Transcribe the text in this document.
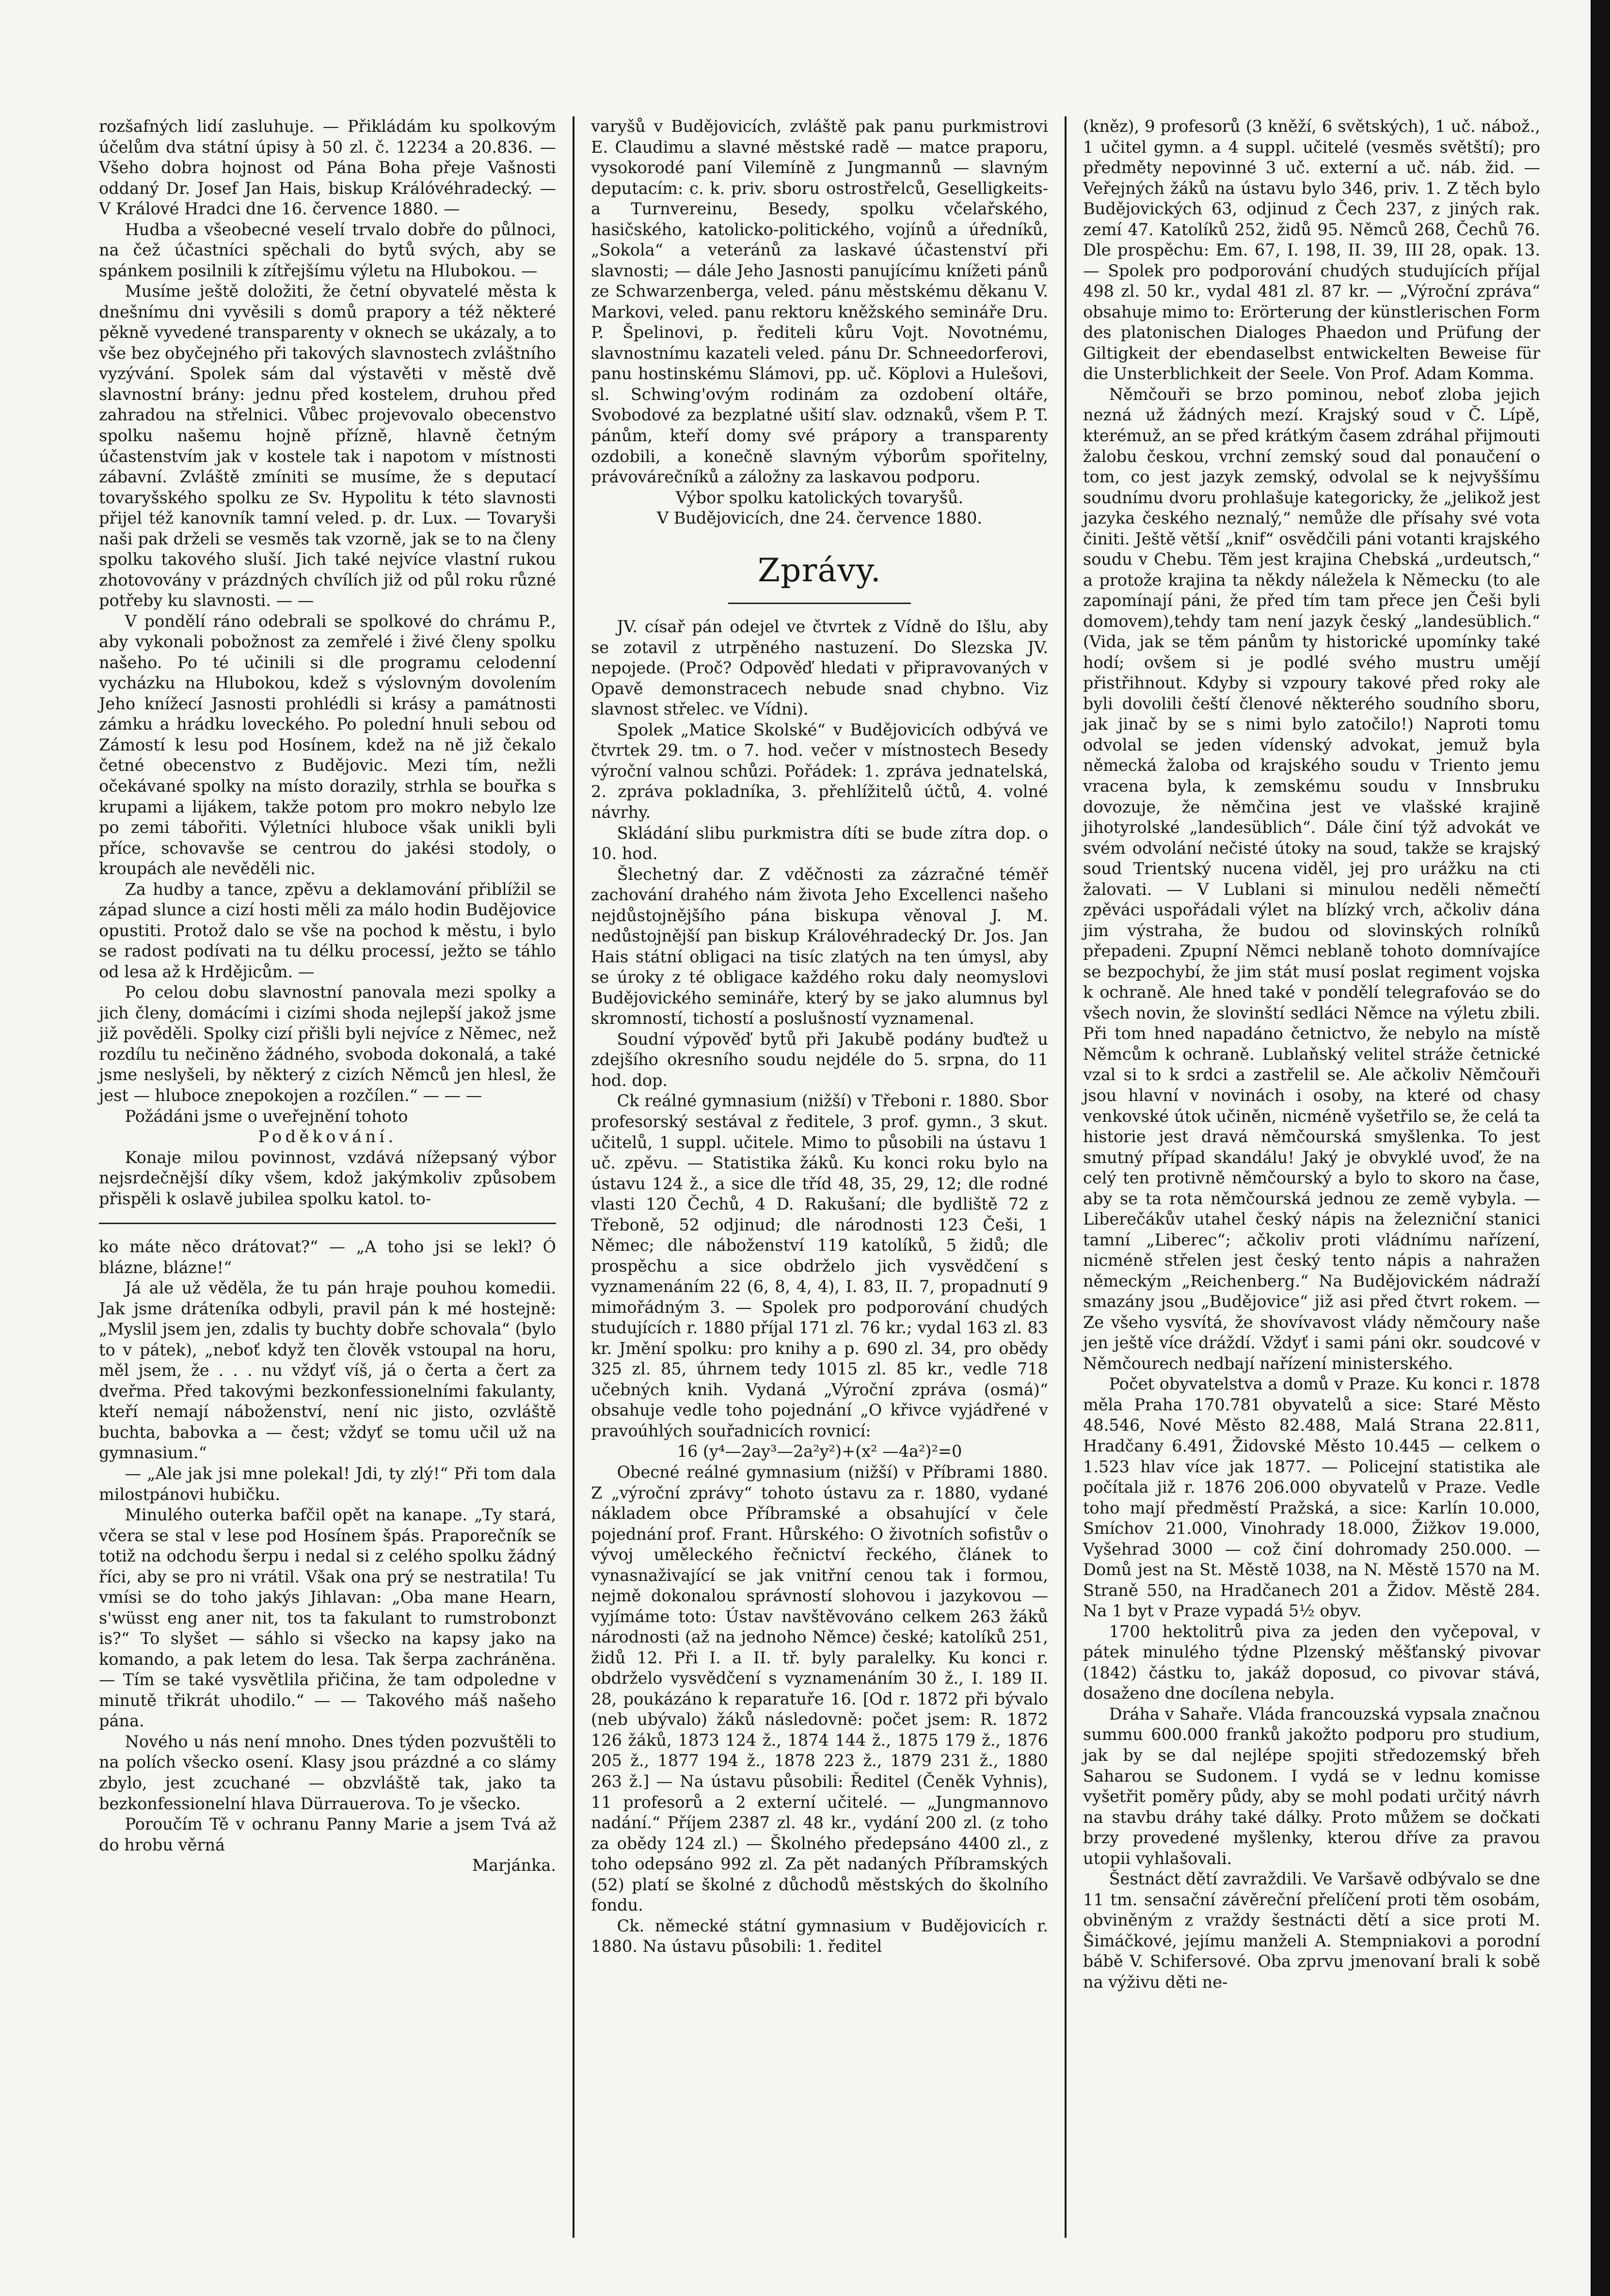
rozšafných lidí zasluhuje. — Přikládám ku spolkovým účelům dva státní úpisy à 50 zl. č. 12234 a 20.836. — Všeho dobra hojnost od Pána Boha přeje Vašnosti oddaný Dr. Josef Jan Hais, biskup Králóvéhradecký. — V Králové Hradci dne 16. července 1880. —

Hudba a všeobecné veselí trvalo dobře do půlnoci, na čež účastníci spěchali do bytů svých, aby se spánkem posilnili k zítřejšímu výletu na Hlubokou. —

Musíme ještě doložiti, že četní obyvatelé města k dnešnímu dni vyvěsili s domů prapory a též některé pěkně vyvedené transparenty v oknech se ukázaly, a to vše bez obyčejného při takových slavnostech zvláštního vyzývání. Spolek sám dal výstavěti v městě dvě slavnostní brány: jednu před kostelem, druhou před zahradou na střelnici. Vůbec projevovalo obecenstvo spolku našemu hojně přízně, hlavně četným účastenstvím jak v kostele tak i napotom v místnosti zábavní. Zvláště zmíniti se musíme, že s deputací tovaryšského spolku ze Sv. Hypolitu k této slavnosti přijel též kanovník tamní veled. p. dr. Lux. — Tovaryši naši pak drželi se vesměs tak vzorně, jak se to na členy spolku takového sluší. Jich také nejvíce vlastní rukou zhotovovány v prázdných chvílích již od půl roku různé potřeby ku slavnosti. — —

V pondělí ráno odebrali se spolkové do chrámu P., aby vykonali pobožnost za zemřelé i živé členy spolku našeho. Po té učinili si dle programu celodenní vycházku na Hlubokou, kdež s výslovným dovolením Jeho knížecí Jasnosti prohlédli si krásy a památnosti zámku a hrádku loveckého. Po polední hnuli sebou od Zámostí k lesu pod Hosínem, kdež na ně již čekalo četné obecenstvo z Budějovic. Mezi tím, nežli očekávané spolky na místo dorazily, strhla se bouřka s krupami a lijákem, takže potom pro mokro nebylo lze po zemi tábořiti. Výletníci hluboce však unikli byli příce, schovavše se centrou do jakési stodoly, o kroupách ale nevěděli nic.

Za hudby a tance, zpěvu a deklamování přiblížil se západ slunce a cizí hosti měli za málo hodin Budějovice opustiti. Protož dalo se vše na pochod k městu, i bylo se radost podívati na tu délku processí, ježto se táhlo od lesa až k Hrdějicům. —

Po celou dobu slavnostní panovala mezi spolky a jich členy, domácími i cizími shoda nejlepší jakož jsme již pověděli. Spolky cizí přišli byli nejvíce z Němec, než rozdílu tu nečiněno žádného, svoboda dokonalá, a také jsme neslyšeli, by některý z cizích Němců jen hlesl, že jest — hluboce znepokojen a rozčílen.“ — — —

Požádáni jsme o uveřejnění tohoto

Poděkování.

Konaje milou povinnost, vzdává nížepsaný výbor nejsrdečnější díky všem, kdož jakýmkoliv způsobem přispěli k oslavě jubilea spolku katol. to-

ko máte něco drátovat?“ — „A toho jsi se lekl? Ó blázne, blázne!“

Já ale už věděla, že tu pán hraje pouhou komedii. Jak jsme dráteníka odbyli, pravil pán k mé hostejně: „Myslil jsem jen, zdalis ty buchty dobře schovala“ (bylo to v pátek), „neboť když ten člověk vstoupal na horu, měl jsem, že . . . nu vždyť víš, já o čerta a čert za dveřma. Před takovými bezkonfessionelními fakulanty, kteří nemají náboženství, není nic jisto, ozvláště buchta, babovka a — čest; vždyť se tomu učil už na gymnasium.“

— „Ale jak jsi mne polekal! Jdi, ty zlý!“ Při tom dala milostpánovi hubičku.

Minulého outerka bafčil opět na kanape. „Ty stará, včera se stal v lese pod Hosínem špás. Praporečník se totiž na odchodu šerpu i nedal si z celého spolku žádný říci, aby se pro ni vrátil. Však ona prý se nestratila! Tu vmísi se do toho jakýs Jihlavan: „Oba mane Hearn, s'wüsst eng aner nit, tos ta fakulant to rumstrobonzt is?“ To slyšet — sáhlo si všecko na kapsy jako na komando, a pak letem do lesa. Tak šerpa zachráněna. — Tím se také vysvětlila přičina, že tam odpoledne v minutě třikrát uhodilo.“ — — Takového máš našeho pána.

Nového u nás není mnoho. Dnes týden pozvuštěli to na polích všecko osení. Klasy jsou prázdné a co slámy zbylo, jest zcuchané — obzvláště tak, jako ta bezkonfessionelní hlava Dürrauerova. To je všecko.

Poroučím Tě v ochranu Panny Marie a jsem Tvá až do hrobu věrná

Marjánka.

varyšů v Budějovicích, zvláště pak panu purkmistrovi E. Claudimu a slavné městské radě — matce praporu, vysokorodé paní Vilemíně z Jungmannů — slavným deputacím: c. k. priv. sboru ostrostřelců, Geselligkeits- a Turnvereinu, Besedy, spolku včelařského, hasičského, katolicko-politického, vojínů a úředníků, „Sokola“ a veteránů za laskavé účastenství při slavnosti; — dále Jeho Jasnosti panujícímu knížeti pánů ze Schwarzenberga, veled. pánu městskému děkanu V. Markovi, veled. panu rektoru kněžského semináře Dru. P. Špelinovi, p. řediteli kůru Vojt. Novotnému, slavnostnímu kazateli veled. pánu Dr. Schneedorferovi, panu hostinskému Slámovi, pp. uč. Köplovi a Hulešovi, sl. Schwing'ovým rodinám za ozdobení oltáře, Svobodové za bezplatné ušití slav. odznaků, všem P. T. pánům, kteří domy své prápory a transparenty ozdobili, a konečně slavným výborům spořitelny, právovárečníků a záložny za laskavou podporu.

Výbor spolku katolických tovaryšů.

V Budějovicích, dne 24. července 1880.

Zprávy.

JV. císař pán odejel ve čtvrtek z Vídně do Išlu, aby se zotavil z utrpěného nastuzení. Do Slezska JV. nepojede. (Proč? Odpověď hledati v připravovaných v Opavě demonstracech nebude snad chybno. Viz slavnost střelec. ve Vídni).

Spolek „Matice Skolské“ v Budějovicích odbývá ve čtvrtek 29. tm. o 7. hod. večer v místnostech Besedy výroční valnou schůzi. Pořádek: 1. zpráva jednatelská, 2. zpráva pokladníka, 3. přehlížitelů účtů, 4. volné návrhy.

Skládání slibu purkmistra díti se bude zítra dop. o 10. hod.

Šlechetný dar. Z vděčnosti za zázračné téměř zachování drahého nám života Jeho Excellenci našeho nejdůstojnějšího pána biskupa věnoval J. M. nedůstojnější pan biskup Královéhradecký Dr. Jos. Jan Hais státní obligaci na tisíc zlatých na ten úmysl, aby se úroky z té obligace každého roku daly neomyslovi Budějovického semináře, který by se jako alumnus byl skromností, tichostí a poslušností vyznamenal.

Soudní výpověď bytů při Jakubě podány buďtež u zdejšího okresního soudu nejdéle do 5. srpna, do 11 hod. dop.

Ck reálné gymnasium (nižší) v Třeboni r. 1880. Sbor profesorský sestával z ředitele, 3 prof. gymn., 3 skut. učitelů, 1 suppl. učitele. Mimo to působili na ústavu 1 uč. zpěvu. — Statistika žáků. Ku konci roku bylo na ústavu 124 ž., a sice dle tříd 48, 35, 29, 12; dle rodné vlasti 120 Čechů, 4 D. Rakušaní; dle bydliště 72 z Třeboně, 52 odjinud; dle národnosti 123 Češi, 1 Němec; dle náboženství 119 katolíků, 5 židů; dle prospěchu a sice obdrželo jich vysvědčení s vyznamenáním 22 (6, 8, 4, 4), I. 83, II. 7, propadnutí 9 mimořádným 3. — Spolek pro podporování chudých studujících r. 1880 příjal 171 zl. 76 kr.; vydal 163 zl. 83 kr. Jmění spolku: pro knihy a p. 690 zl. 34, pro obědy 325 zl. 85, úhrnem tedy 1015 zl. 85 kr., vedle 718 učebných knih. Vydaná „Výroční zpráva (osmá)“ obsahuje vedle toho pojednání „O křivce vyjádřené v pravoúhlých souřadnicích rovnicí:

16 (y⁴—2ay³—2a²y²)+(x² —4a²)²=0

Obecné reálné gymnasium (nižší) v Příbrami 1880. Z „výroční zprávy“ tohoto ústavu za r. 1880, vydané nákladem obce Příbramské a obsahující v čele pojednání prof. Frant. Hůrského: O životních sofistův o vývoj uměleckého řečnictví řeckého, článek to vynasnaživající se jak vnitřní cenou tak i formou, nejmě dokonalou správností slohovou i jazykovou — vyjímáme toto: Ústav navštěvováno celkem 263 žáků národnosti (až na jednoho Němce) české; katolíků 251, židů 12. Při I. a II. tř. byly paralelky. Ku konci r. obdrželo vysvědčení s vyznamenáním 30 ž., I. 189 II. 28, poukázáno k reparatuře 16. [Od r. 1872 při bývalo (neb ubývalo) žáků následovně: počet jsem: R. 1872 126 žáků, 1873 124 ž., 1874 144 ž., 1875 179 ž., 1876 205 ž., 1877 194 ž., 1878 223 ž., 1879 231 ž., 1880 263 ž.] — Na ústavu působili: Ředitel (Čeněk Vyhnis), 11 profesorů a 2 externí učitelé. — „Jungmannovo nadání.“ Příjem 2387 zl. 48 kr., vydání 200 zl. (z toho za obědy 124 zl.) — Školného předepsáno 4400 zl., z toho odepsáno 992 zl. Za pět nadaných Příbramských (52) platí se školné z důchodů městských do školního fondu.

Ck. německé státní gymnasium v Budějovicích r. 1880. Na ústavu působili: 1. ředitel

(kněz), 9 profesorů (3 kněží, 6 světských), 1 uč. nábož., 1 učitel gymn. a 4 suppl. učitelé (vesměs světští); pro předměty nepovinné 3 uč. externí a uč. náb. žid. — Veřejných žáků na ústavu bylo 346, priv. 1. Z těch bylo Budějovických 63, odjinud z Čech 237, z jiných rak. zemí 47. Katolíků 252, židů 95. Němců 268, Čechů 76. Dle prospěchu: Em. 67, I. 198, II. 39, III 28, opak. 13. — Spolek pro podporování chudých studujících příjal 498 zl. 50 kr., vydal 481 zl. 87 kr. — „Výroční zpráva“ obsahuje mimo to: Erörterung der künstlerischen Form des platonischen Dialoges Phaedon und Prüfung der Giltigkeit der ebendaselbst entwickelten Beweise für die Unsterblichkeit der Seele. Von Prof. Adam Komma.

Němčouři se brzo pominou, neboť zloba jejich nezná už žádných mezí. Krajský soud v Č. Lípě, kterémuž, an se před krátkým časem zdráhal přijmouti žalobu českou, vrchní zemský soud dal ponaučení o tom, co jest jazyk zemský, odvolal se k nejvyššímu soudnímu dvoru prohlašuje kategoricky, že „jelikož jest jazyka českého neznalý,“ nemůže dle přísahy své vota činiti. Ještě větší „knif“ osvědčili páni votanti krajského soudu v Chebu. Těm jest krajina Chebská „urdeutsch,“ a protože krajina ta někdy náležela k Německu (to ale zapomínají páni, že před tím tam přece jen Češi byli domovem),tehdy tam není jazyk český „landesüblich.“ (Vida, jak se těm pánům ty historické upomínky také hodí; ovšem si je podlé svého mustru umějí přistřihnout. Kdyby si vzpoury takové před roky ale byli dovolili čeští členové některého soudního sboru, jak jinač by se s nimi bylo zatočilo!) Naproti tomu odvolal se jeden vídenský advokat, jemuž byla německá žaloba od krajského soudu v Triento jemu vracena byla, k zemskému soudu v Innsbruku dovozuje, že němčina jest ve vlašské krajině jihotyrolské „landesüblich“. Dále činí týž advokát ve svém odvolání nečisté útoky na soud, takže se krajský soud Trientský nucena viděl, jej pro urážku na cti žalovati. — V Lublani si minulou neděli němečtí zpěváci uspořádali výlet na blízký vrch, ačkoliv dána jim výstraha, že budou od slovinských rolníků přepadeni. Zpupní Němci neblaně tohoto domnívajíce se bezpochybí, že jim stát musí poslat regiment vojska k ochraně. Ale hned také v pondělí telegrafováo se do všech novin, že slovinští sedláci Němce na výletu zbili. Při tom hned napadáno četnictvo, že nebylo na místě Němcům k ochraně. Lublaňský velitel stráže četnické vzal si to k srdci a zastřelil se. Ale ačkoliv Němčouři jsou hlavní v novinách i osoby, na které od chasy venkovské útok učiněn, nicméně vyšetřilo se, že celá ta historie jest dravá němčourská smyšlenka. To jest smutný případ skandálu! Jaký je obvyklé uvoď, že na celý ten protivně němčourský a bylo to skoro na čase, aby se ta rota němčourská jednou ze země vybyla. — Liberečákův utahel český nápis na železniční stanici tamní „Liberec“; ačkoliv proti vládnímu nařízení, nicméně střelen jest český tento nápis a nahražen německým „Reichenberg.“ Na Budějovickém nádraží smazány jsou „Budějovice“ již asi před čtvrt rokem. — Ze všeho vysvítá, že shovívavost vlády němčoury naše jen ještě více dráždí. Vždyť i sami páni okr. soudcové v Němčourech nedbají nařízení ministerského.

Počet obyvatelstva a domů v Praze. Ku konci r. 1878 měla Praha 170.781 obyvatelů a sice: Staré Město 48.546, Nové Město 82.488, Malá Strana 22.811, Hradčany 6.491, Židovské Město 10.445 — celkem o 1.523 hlav více jak 1877. — Policejní statistika ale počítala již r. 1876 206.000 obyvatelů v Praze. Vedle toho mají předměstí Pražská, a sice: Karlín 10.000, Smíchov 21.000, Vinohrady 18.000, Žižkov 19.000, Vyšehrad 3000 — což činí dohromady 250.000. — Domů jest na St. Městě 1038, na N. Městě 1570 na M. Straně 550, na Hradčanech 201 a Židov. Městě 284. Na 1 byt v Praze vypadá 5½ obyv.

1700 hektolitrů piva za jeden den vyčepoval, v pátek minulého týdne Plzenský měšťanský pivovar (1842) částku to, jakáž doposud, co pivovar stává, dosaženo dne docílena nebyla.

Dráha v Sahaře. Vláda francouzská vypsala značnou summu 600.000 franků jakožto podporu pro studium, jak by se dal nejlépe spojiti středozemský břeh Saharou se Sudonem. I vydá se v lednu komisse vyšetřit poměry půdy, aby se mohl podati určitý návrh na stavbu dráhy také dálky. Proto můžem se dočkati brzy provedené myšlenky, kterou dříve za pravou utopii vyhlašovali.

Šestnáct dětí zavraždili. Ve Varšavě odbývalo se dne 11 tm. sensační závěreční přelíčení proti těm osobám, obviněným z vraždy šestnácti dětí a sice proti M. Šimáčkové, jejímu manželi A. Stempniakovi a porodní bábě V. Schifersové. Oba zprvu jmenovaní brali k sobě na výživu děti ne-
